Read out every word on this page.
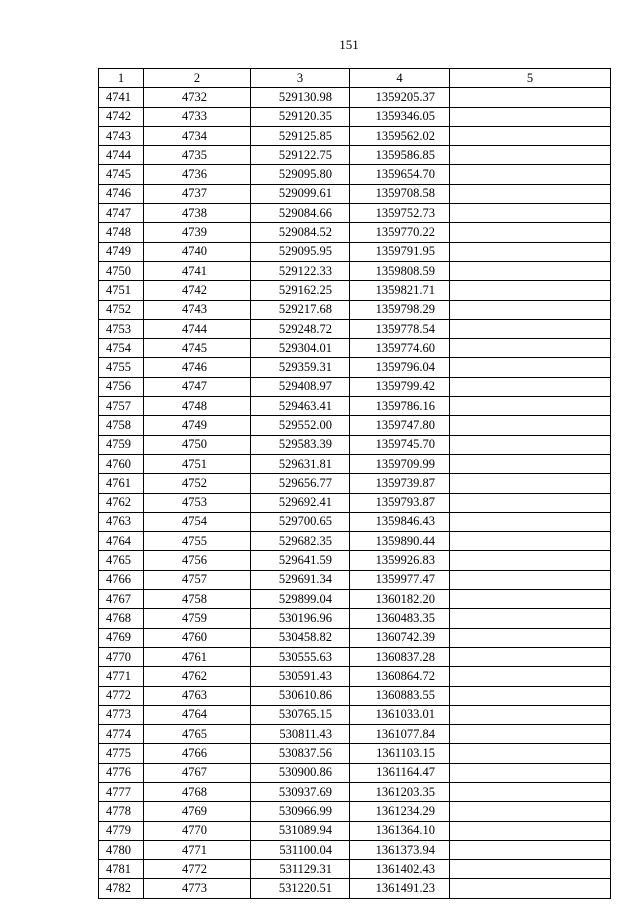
151
1	2	3	4	5
4741	4732	529130.98	1359205.37	
4742	4733	529120.35	1359346.05	
4743	4734	529125.85	1359562.02	
4744	4735	529122.75	1359586.85	
4745	4736	529095.80	1359654.70	
4746	4737	529099.61	1359708.58	
4747	4738	529084.66	1359752.73	
4748	4739	529084.52	1359770.22	
4749	4740	529095.95	1359791.95	
4750	4741	529122.33	1359808.59	
4751	4742	529162.25	1359821.71	
4752	4743	529217.68	1359798.29	
4753	4744	529248.72	1359778.54	
4754	4745	529304.01	1359774.60	
4755	4746	529359.31	1359796.04	
4756	4747	529408.97	1359799.42	
4757	4748	529463.41	1359786.16	
4758	4749	529552.00	1359747.80	
4759	4750	529583.39	1359745.70	
4760	4751	529631.81	1359709.99	
4761	4752	529656.77	1359739.87	
4762	4753	529692.41	1359793.87	
4763	4754	529700.65	1359846.43	
4764	4755	529682.35	1359890.44	
4765	4756	529641.59	1359926.83	
4766	4757	529691.34	1359977.47	
4767	4758	529899.04	1360182.20	
4768	4759	530196.96	1360483.35	
4769	4760	530458.82	1360742.39	
4770	4761	530555.63	1360837.28	
4771	4762	530591.43	1360864.72	
4772	4763	530610.86	1360883.55	
4773	4764	530765.15	1361033.01	
4774	4765	530811.43	1361077.84	
4775	4766	530837.56	1361103.15	
4776	4767	530900.86	1361164.47	
4777	4768	530937.69	1361203.35	
4778	4769	530966.99	1361234.29	
4779	4770	531089.94	1361364.10	
4780	4771	531100.04	1361373.94	
4781	4772	531129.31	1361402.43	
4782	4773	531220.51	1361491.23	
